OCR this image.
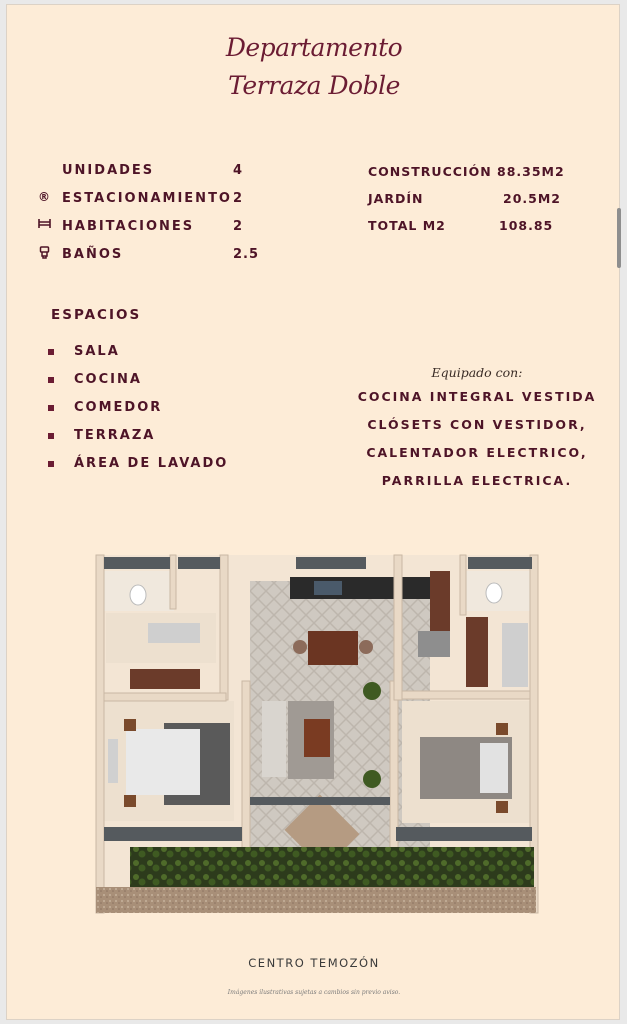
Departamento
Terraza Doble
UNIDADES	4
® ESTACIONAMIENTO 2
HABITACIONES	2
BAÑOS	2.5
CONSTRUCCIÓN 88.35M2
JARDÍN	20.5M2
TOTAL M2	108.85
ESPACIOS
SALA
COCINA
COMEDOR
TERRAZA
ÁREA DE LAVADO
Equipado con:
COCINA INTEGRAL VESTIDA
CLÓSETS CON VESTIDOR,
CALENTADOR ELECTRICO,
PARRILLA ELECTRICA.
CENTRO TEMOZÓN
Imágenes ilustrativas sujetas a cambios sin previo aviso.
